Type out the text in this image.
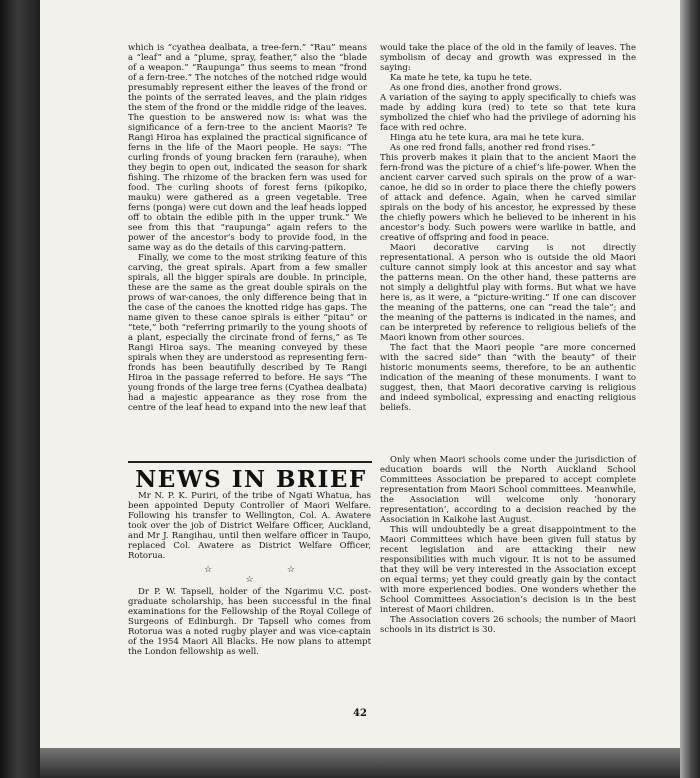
which is “cyathea dealbata, a tree-fern.” “Rau” means a “leaf” and a “plume, spray, feather,” also the “blade of a weapon.” “Raupunga” thus seems to mean “frond of a fern-tree.” The notches of the notched ridge would presumably represent either the leaves of the frond or the points of the serrated leaves, and the plain ridges the stem of the frond or the middle ridge of the leaves. The question to be answered now is: what was the significance of a fern-tree to the ancient Maoris? Te Rangi Hiroa has explained the practical significance of ferns in the life of the Maori people. He says: “The curling fronds of young bracken fern (rarauhe), when they begin to open out, indicated the season for shark fishing. The rhizome of the bracken fern was used for food. The curling shoots of forest ferns (pikopiko, mauku) were gathered as a green vegetable. Tree ferns (ponga) were cut down and the leaf heads lopped off to obtain the edible pith in the upper trunk.” We see from this that “raupunga” again refers to the power of the ancestor’s body to provide food, in the same way as do the details of this carving-pattern.

Finally, we come to the most striking feature of this carving, the great spirals. Apart from a few smaller spirals, all the bigger spirals are double. In principle, these are the same as the great double spirals on the prows of war-canoes, the only difference being that in the case of the canoes the knotted ridge has gaps. The name given to these canoe spirals is either “pitau” or “tete,” both “referring primarily to the young shoots of a plant, especially the circinate frond of ferns,” as Te Rangi Hiroa says. The meaning conveyed by these spirals when they are understood as representing fern-fronds has been beautifully described by Te Rangi Hiroa in the passage referred to before. He says “The young fronds of the large tree ferns (Cyathea dealbata) had a majestic appearance as they rose from the centre of the leaf head to expand into the new leaf that

would take the place of the old in the family of leaves. The symbolism of decay and growth was expressed in the saying:

Ka mate he tete, ka tupu he tete.

As one frond dies, another frond grows.

A variation of the saying to apply specifically to chiefs was made by adding kura (red) to tete so that tete kura symbolized the chief who had the privilege of adorning his face with red ochre.

Hinga atu he tete kura, ara mai he tete kura.

As one red frond falls, another red frond rises.”

This proverb makes it plain that to the ancient Maori the fern-frond was the picture of a chief’s life-power. When the ancient carver carved such spirals on the prow of a war-canoe, he did so in order to place there the chiefly powers of attack and defence. Again, when he carved similar spirals on the body of his ancestor, he expressed by these the chiefly powers which he believed to be inherent in his ancestor’s body. Such powers were warlike in battle, and creative of offspring and food in peace.

Maori decorative carving is not directly representational. A person who is outside the old Maori culture cannot simply look at this ancestor and say what the patterns mean. On the other hand, these patterns are not simply a delightful play with forms. But what we have here is, as it were, a “picture-writing.” If one can discover the meaning of the patterns, one can “read the tale”; and the meaning of the patterns is indicated in the names, and can be interpreted by reference to religious beliefs of the Maori known from other sources.

The fact that the Maori people “are more concerned with the sacred side” than “with the beauty” of their historic monuments seems, therefore, to be an authentic indication of the meaning of these monuments. I want to suggest, then, that Maori decorative carving is religious and indeed symbolical, expressing and enacting religious beliefs.

NEWS IN BRIEF

Mr N. P. K. Puriri, of the tribe of Ngati Whatua, has been appointed Deputy Controller of Maori Welfare. Following his transfer to Wellington, Col. A. Awatere took over the job of District Welfare Officer, Auckland, and Mr J. Rangihau, until then welfare officer in Taupo, replaced Col. Awatere as District Welfare Officer, Rotorua.

☆ ☆ ☆

Dr P. W. Tapsell, holder of the Ngarimu V.C. post-graduate scholarship, has been successful in the final examinations for the Fellowship of the Royal College of Surgeons of Edinburgh. Dr Tapsell who comes from Rotorua was a noted rugby player and was vice-captain of the 1954 Maori All Blacks. He now plans to attempt the London fellowship as well.

Only when Maori schools come under the jurisdiction of education boards will the North Auckland School Committees Association be prepared to accept complete representation from Maori School committees. Meanwhile, the Association will welcome only ‘honorary representation’, according to a decision reached by the Association in Kaikohe last August.

This will undoubtedly be a great disappointment to the Maori Committees which have been given full status by recent legislation and are attacking their new responsibilities with much vigour. It is not to be assumed that they will be very interested in the Association except on equal terms; yet they could greatly gain by the contact with more experienced bodies. One wonders whether the School Committees Association’s decision is in the best interest of Maori children.

The Association covers 26 schools; the number of Maori schools in its district is 30.

42
